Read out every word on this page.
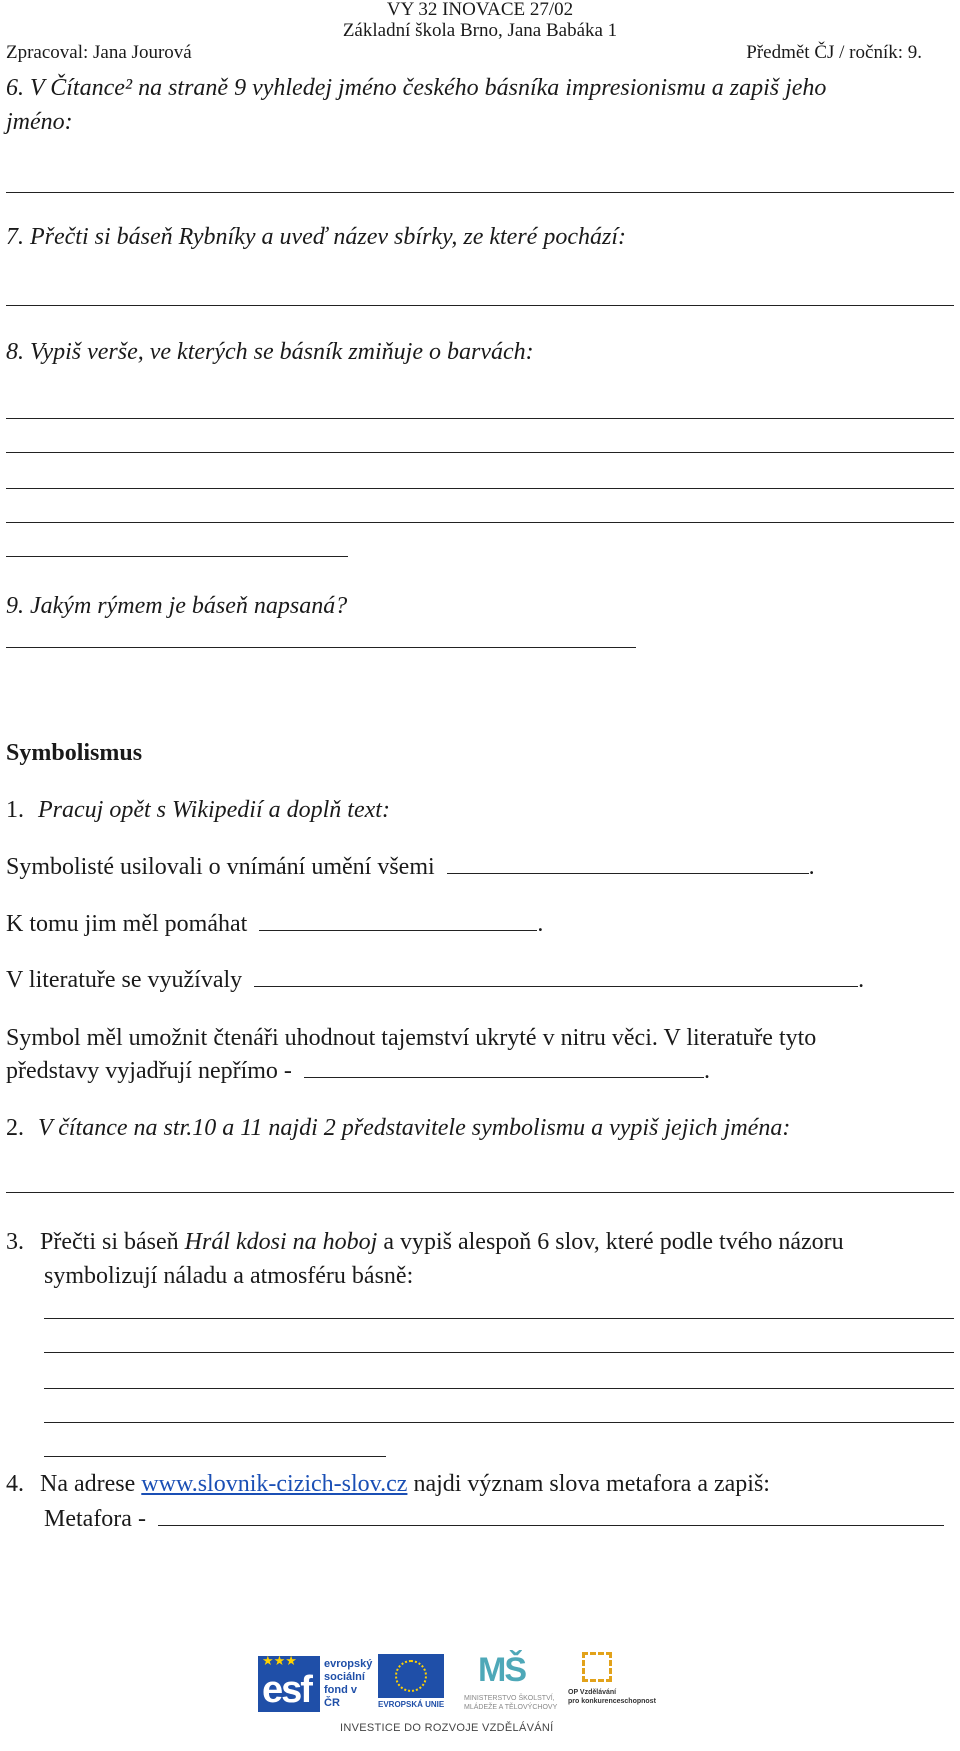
VY 32 INOVACE 27/02
Základní škola Brno, Jana Babáka 1
Zpracoval: Jana Jourová	Předmět ČJ / ročník: 9.
6. V Čítance² na straně 9 vyhledej jméno českého básníka impresionismu a zapiš jeho
jméno:
7. Přečti si báseň Rybníky a uveď název sbírky, ze které pochází:
8. Vypiš verše, ve kterých se básník zmiňuje o barvách:
9. Jakým rýmem je báseň napsaná?
Symbolismus
1. Pracuj opět s Wikipedií a doplň text:
Symbolisté usilovali o vnímání umění všemi	.
K tomu jim měl pomáhat	.
V literatuře se využívaly	.
Symbol měl umožnit čtenáři uhodnout tajemství ukryté v nitru věci. V literatuře tyto
představy vyjadřují nepřímo -	.
2. V čítance na str.10 a 11 najdi 2 představitele symbolismu a vypiš jejich jména:
3. Přečti si báseň Hrál kdosi na hoboj a vypiš alespoň 6 slov, které podle tvého názoru
symbolizují náladu a atmosféru básně:
4. Na adrese www.slovnik-cizich-slov.cz najdi význam slova metafora a zapiš:
Metafora -
★★★
esf
evropský
sociální
fond v ČR	EVROPSKÁ UNIE
MŠ
MINISTERSTVO ŠKOLSTVÍ,
MLÁDEŽE A TĚLOVÝCHOVY
OP Vzdělávání
pro konkurenceschopnost
INVESTICE DO ROZVOJE VZDĚLÁVÁNÍ
